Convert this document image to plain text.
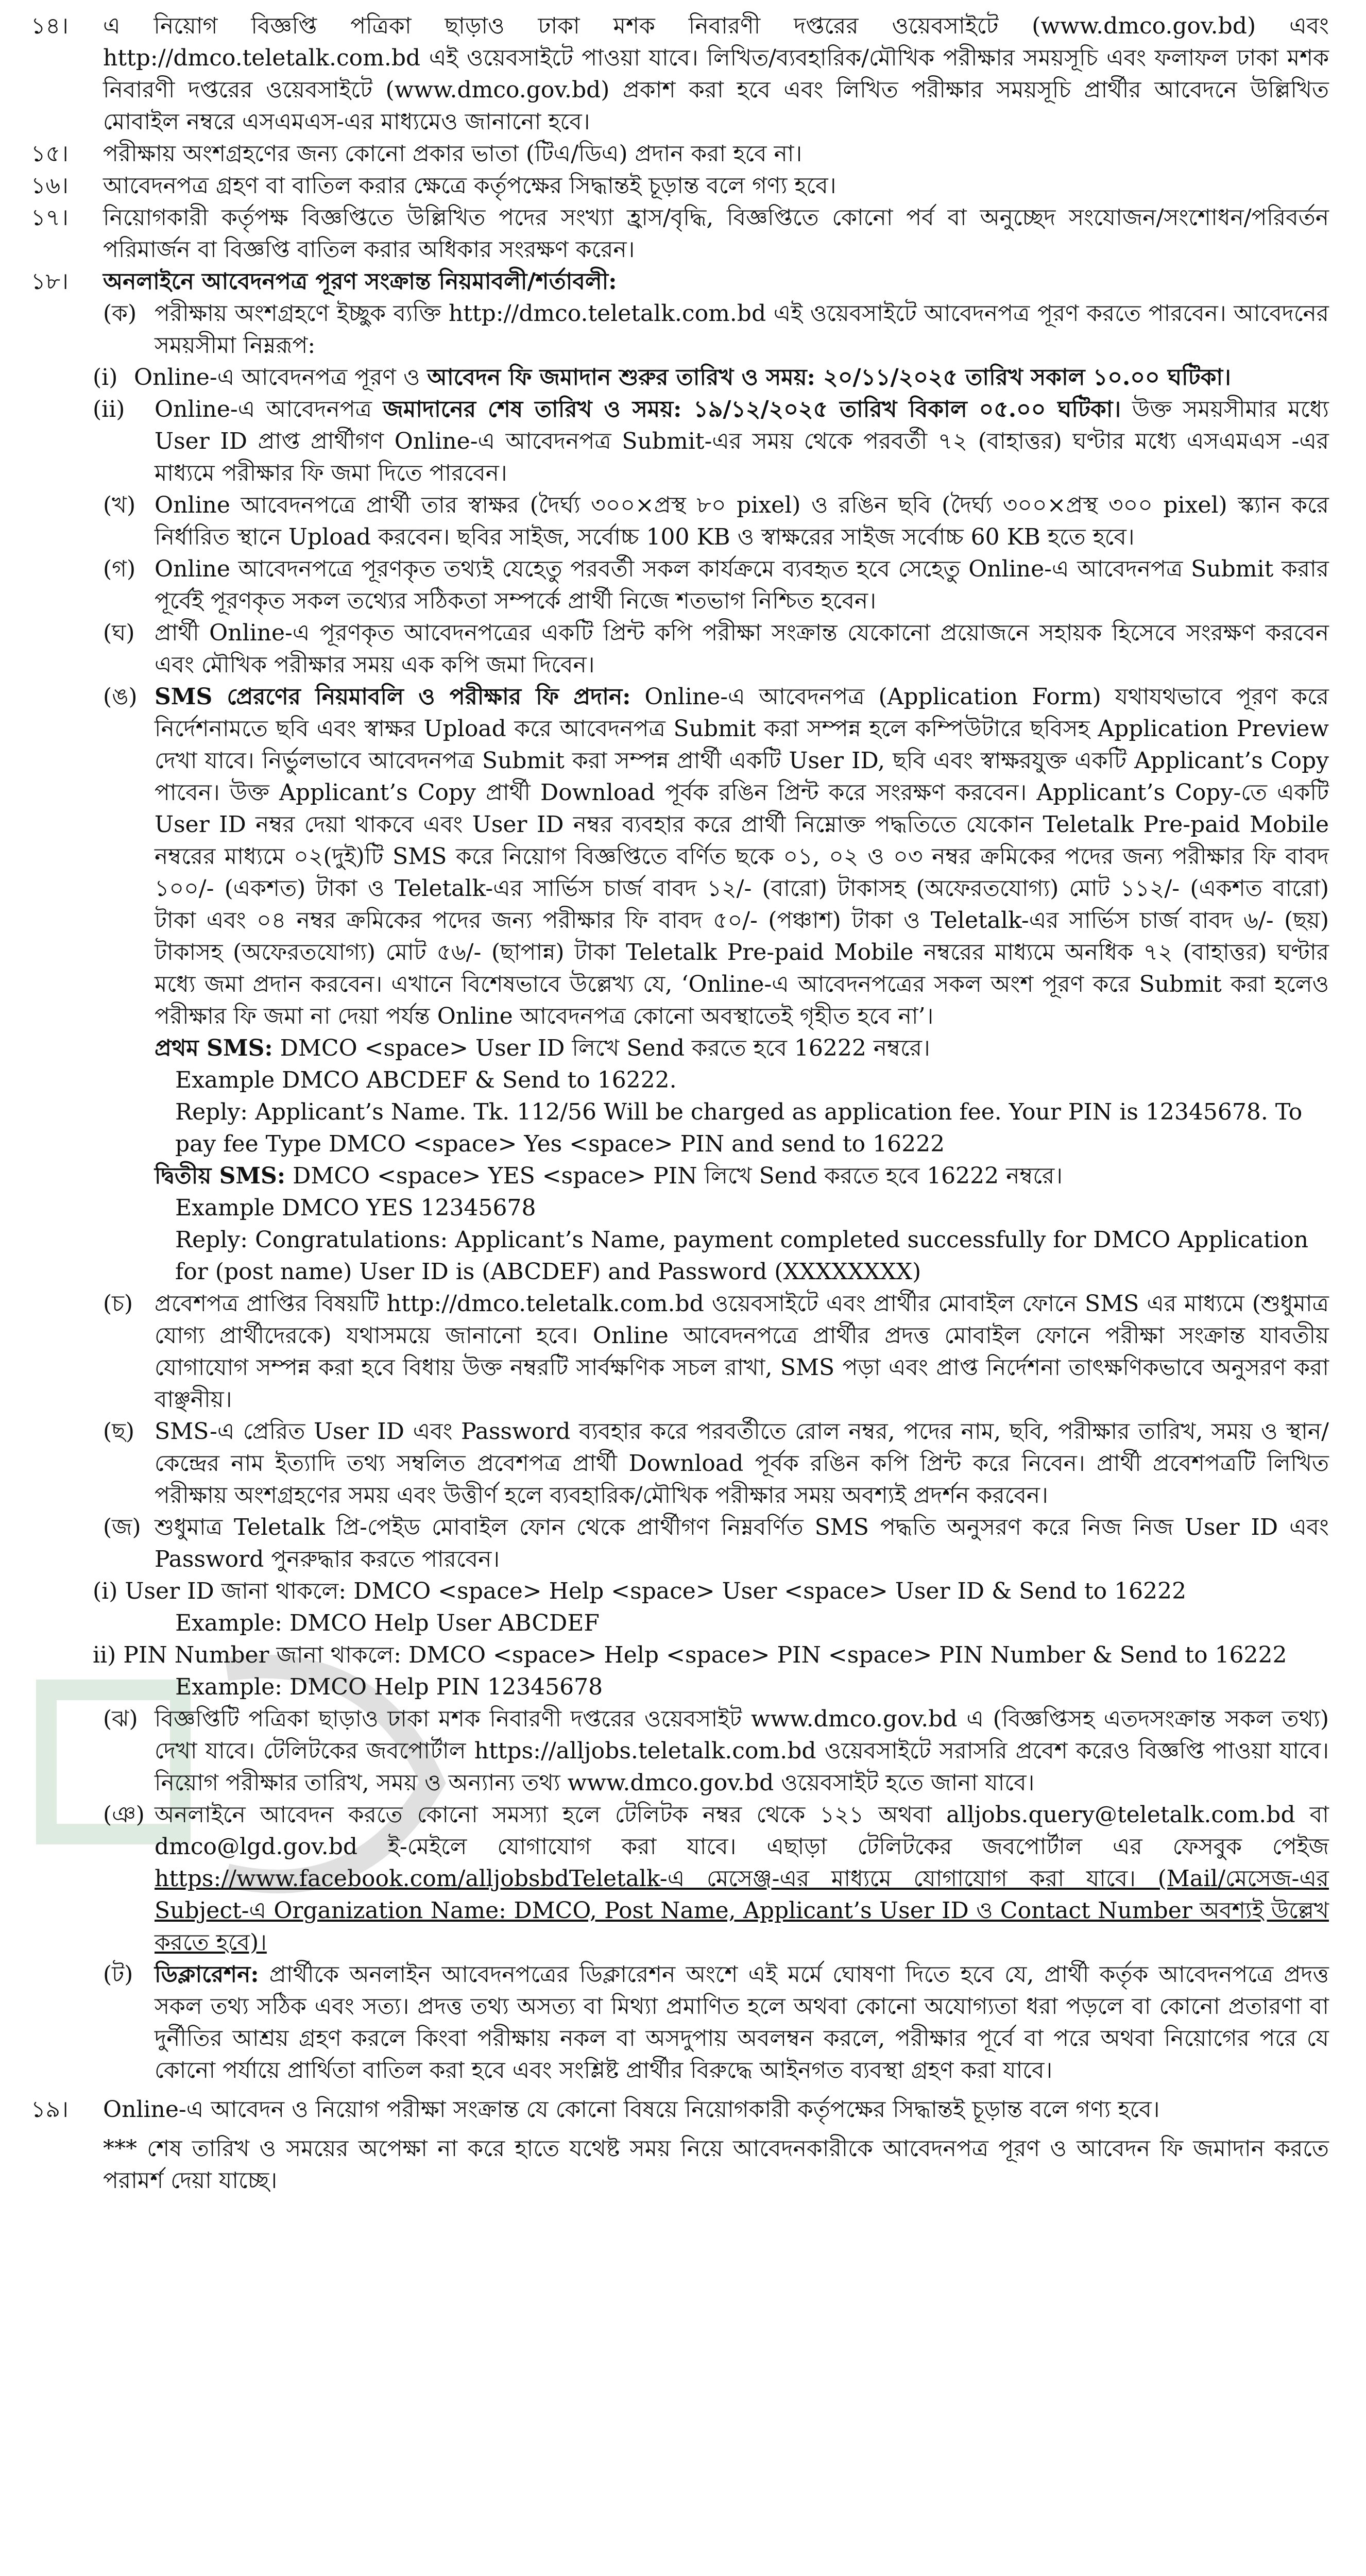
১৪।	এ নিয়োগ বিজ্ঞপ্তি পত্রিকা ছাড়াও ঢাকা মশক নিবারণী দপ্তরের ওয়েবসাইটে (www.dmco.gov.bd) এবং http://dmco.teletalk.com.bd এই ওয়েবসাইটে পাওয়া যাবে। লিখিত/ব্যবহারিক/মৌখিক পরীক্ষার সময়সূচি এবং ফলাফল ঢাকা মশক নিবারণী দপ্তরের ওয়েবসাইটে (www.dmco.gov.bd) প্রকাশ করা হবে এবং লিখিত পরীক্ষার সময়সূচি প্রার্থীর আবেদনে উল্লিখিত মোবাইল নম্বরে এসএমএস-এর মাধ্যমেও জানানো হবে।
১৫।	পরীক্ষায় অংশগ্রহণের জন্য কোনো প্রকার ভাতা (টিএ/ডিএ) প্রদান করা হবে না।
১৬।	আবেদনপত্র গ্রহণ বা বাতিল করার ক্ষেত্রে কর্তৃপক্ষের সিদ্ধান্তই চূড়ান্ত বলে গণ্য হবে।
১৭।	নিয়োগকারী কর্তৃপক্ষ বিজ্ঞপ্তিতে উল্লিখিত পদের সংখ্যা হ্রাস/বৃদ্ধি, বিজ্ঞপ্তিতে কোনো পর্ব বা অনুচ্ছেদ সংযোজন/সংশোধন/পরিবর্তন পরিমার্জন বা বিজ্ঞপ্তি বাতিল করার অধিকার সংরক্ষণ করেন।
১৮।	অনলাইনে আবেদনপত্র পূরণ সংক্রান্ত নিয়মাবলী/শর্তাবলী:
(ক) পরীক্ষায় অংশগ্রহণে ইচ্ছুক ব্যক্তি http://dmco.teletalk.com.bd এই ওয়েবসাইটে আবেদনপত্র পূরণ করতে পারবেন। আবেদনের সময়সীমা নিম্নরূপ:
(i) Online-এ আবেদনপত্র পূরণ ও আবেদন ফি জমাদান শুরুর তারিখ ও সময়: ২০/১১/২০২৫ তারিখ সকাল ১০.০০ ঘটিকা।
(ii)	Online-এ আবেদনপত্র জমাদানের শেষ তারিখ ও সময়: ১৯/১২/২০২৫ তারিখ বিকাল ০৫.০০ ঘটিকা। উক্ত সময়সীমার মধ্যে User ID প্রাপ্ত প্রার্থীগণ Online-এ আবেদনপত্র Submit-এর সময় থেকে পরবর্তী ৭২ (বাহাত্তর) ঘণ্টার মধ্যে এসএমএস -এর মাধ্যমে পরীক্ষার ফি জমা দিতে পারবেন।
(খ) Online আবেদনপত্রে প্রার্থী তার স্বাক্ষর (দৈর্ঘ্য ৩০০×প্রস্থ ৮০ pixel) ও রঙিন ছবি (দৈর্ঘ্য ৩০০×প্রস্থ ৩০০ pixel) স্ক্যান করে নির্ধারিত স্থানে Upload করবেন। ছবির সাইজ, সর্বোচ্চ 100 KB ও স্বাক্ষরের সাইজ সর্বোচ্চ 60 KB হতে হবে।
(গ) Online আবেদনপত্রে পূরণকৃত তথ্যই যেহেতু পরবর্তী সকল কার্যক্রমে ব্যবহৃত হবে সেহেতু Online-এ আবেদনপত্র Submit করার পূর্বেই পূরণকৃত সকল তথ্যের সঠিকতা সম্পর্কে প্রার্থী নিজে শতভাগ নিশ্চিত হবেন।
(ঘ) প্রার্থী Online-এ পূরণকৃত আবেদনপত্রের একটি প্রিন্ট কপি পরীক্ষা সংক্রান্ত যেকোনো প্রয়োজনে সহায়ক হিসেবে সংরক্ষণ করবেন এবং মৌখিক পরীক্ষার সময় এক কপি জমা দিবেন।
(ঙ) SMS প্রেরণের নিয়মাবলি ও পরীক্ষার ফি প্রদান: Online-এ আবেদনপত্র (Application Form) যথাযথভাবে পূরণ করে নির্দেশনামতে ছবি এবং স্বাক্ষর Upload করে আবেদনপত্র Submit করা সম্পন্ন হলে কম্পিউটারে ছবিসহ Application Preview দেখা যাবে। নির্ভুলভাবে আবেদনপত্র Submit করা সম্পন্ন প্রার্থী একটি User ID, ছবি এবং স্বাক্ষরযুক্ত একটি Applicant’s Copy পাবেন। উক্ত Applicant’s Copy প্রার্থী Download পূর্বক রঙিন প্রিন্ট করে সংরক্ষণ করবেন। Applicant’s Copy-তে একটি User ID নম্বর দেয়া থাকবে এবং User ID নম্বর ব্যবহার করে প্রার্থী নিম্নোক্ত পদ্ধতিতে যেকোন Teletalk Pre-paid Mobile নম্বরের মাধ্যমে ০২(দুই)টি SMS করে নিয়োগ বিজ্ঞপ্তিতে বর্ণিত ছকে ০১, ০২ ও ০৩ নম্বর ক্রমিকের পদের জন্য পরীক্ষার ফি বাবদ ১০০/- (একশত) টাকা ও Teletalk-এর সার্ভিস চার্জ বাবদ ১২/- (বারো) টাকাসহ (অফেরতযোগ্য) মোট ১১২/- (একশত বারো) টাকা এবং ০৪ নম্বর ক্রমিকের পদের জন্য পরীক্ষার ফি বাবদ ৫০/- (পঞ্চাশ) টাকা ও Teletalk-এর সার্ভিস চার্জ বাবদ ৬/- (ছয়) টাকাসহ (অফেরতযোগ্য) মোট ৫৬/- (ছাপান্ন) টাকা Teletalk Pre-paid Mobile নম্বরের মাধ্যমে অনধিক ৭২ (বাহাত্তর) ঘণ্টার মধ্যে জমা প্রদান করবেন। এখানে বিশেষভাবে উল্লেখ্য যে, ‘Online-এ আবেদনপত্রের সকল অংশ পূরণ করে Submit করা হলেও পরীক্ষার ফি জমা না দেয়া পর্যন্ত Online আবেদনপত্র কোনো অবস্থাতেই গৃহীত হবে না’।
প্রথম SMS: DMCO <space> User ID লিখে Send করতে হবে 16222 নম্বরে।
Example DMCO ABCDEF & Send to 16222.
Reply: Applicant’s Name. Tk. 112/56 Will be charged as application fee. Your PIN is 12345678. To pay fee Type DMCO <space> Yes <space> PIN and send to 16222
দ্বিতীয় SMS: DMCO <space> YES <space> PIN লিখে Send করতে হবে 16222 নম্বরে।
Example DMCO YES 12345678
Reply: Congratulations: Applicant’s Name, payment completed successfully for DMCO Application for (post name) User ID is (ABCDEF) and Password (XXXXXXXX)
(চ) প্রবেশপত্র প্রাপ্তির বিষয়টি http://dmco.teletalk.com.bd ওয়েবসাইটে এবং প্রার্থীর মোবাইল ফোনে SMS এর মাধ্যমে (শুধুমাত্র যোগ্য প্রার্থীদেরকে) যথাসময়ে জানানো হবে। Online আবেদনপত্রে প্রার্থীর প্রদত্ত মোবাইল ফোনে পরীক্ষা সংক্রান্ত যাবতীয় যোগাযোগ সম্পন্ন করা হবে বিধায় উক্ত নম্বরটি সার্বক্ষণিক সচল রাখা, SMS পড়া এবং প্রাপ্ত নির্দেশনা তাৎক্ষণিকভাবে অনুসরণ করা বাঞ্ছনীয়।
(ছ) SMS-এ প্রেরিত User ID এবং Password ব্যবহার করে পরবর্তীতে রোল নম্বর, পদের নাম, ছবি, পরীক্ষার তারিখ, সময় ও স্থান/কেন্দ্রের নাম ইত্যাদি তথ্য সম্বলিত প্রবেশপত্র প্রার্থী Download পূর্বক রঙিন কপি প্রিন্ট করে নিবেন। প্রার্থী প্রবেশপত্রটি লিখিত পরীক্ষায় অংশগ্রহণের সময় এবং উত্তীর্ণ হলে ব্যবহারিক/মৌখিক পরীক্ষার সময় অবশ্যই প্রদর্শন করবেন।
(জ) শুধুমাত্র Teletalk প্রি-পেইড মোবাইল ফোন থেকে প্রার্থীগণ নিম্নবর্ণিত SMS পদ্ধতি অনুসরণ করে নিজ নিজ User ID এবং Password পুনরুদ্ধার করতে পারবেন।
(i) User ID জানা থাকলে: DMCO <space> Help <space> User <space> User ID & Send to 16222
Example: DMCO Help User ABCDEF
ii) PIN Number জানা থাকলে: DMCO <space> Help <space> PIN <space> PIN Number & Send to 16222
Example: DMCO Help PIN 12345678
(ঝ) বিজ্ঞপ্তিটি পত্রিকা ছাড়াও ঢাকা মশক নিবারণী দপ্তরের ওয়েবসাইট www.dmco.gov.bd এ (বিজ্ঞপ্তিসহ এতদসংক্রান্ত সকল তথ্য) দেখা যাবে। টেলিটকের জবপোর্টাল https://alljobs.teletalk.com.bd ওয়েবসাইটে সরাসরি প্রবেশ করেও বিজ্ঞপ্তি পাওয়া যাবে। নিয়োগ পরীক্ষার তারিখ, সময় ও অন্যান্য তথ্য www.dmco.gov.bd ওয়েবসাইট হতে জানা যাবে।
(ঞ) অনলাইনে আবেদন করতে কোনো সমস্যা হলে টেলিটক নম্বর থেকে ১২১ অথবা alljobs.query@teletalk.com.bd বা dmco@lgd.gov.bd ই-মেইলে যোগাযোগ করা যাবে। এছাড়া টেলিটকের জবপোর্টাল এর ফেসবুক পেইজ https://www.facebook.com/alljobsbdTeletalk-এ মেসেঞ্জ-এর মাধ্যমে যোগাযোগ করা যাবে। (Mail/মেসেজ-এর Subject-এ Organization Name: DMCO, Post Name, Applicant’s User ID ও Contact Number অবশ্যই উল্লেখ করতে হবে)।
(ট) ডিক্লারেশন: প্রার্থীকে অনলাইন আবেদনপত্রের ডিক্লারেশন অংশে এই মর্মে ঘোষণা দিতে হবে যে, প্রার্থী কর্তৃক আবেদনপত্রে প্রদত্ত সকল তথ্য সঠিক এবং সত্য। প্রদত্ত তথ্য অসত্য বা মিথ্যা প্রমাণিত হলে অথবা কোনো অযোগ্যতা ধরা পড়লে বা কোনো প্রতারণা বা দুর্নীতির আশ্রয় গ্রহণ করলে কিংবা পরীক্ষায় নকল বা অসদুপায় অবলম্বন করলে, পরীক্ষার পূর্বে বা পরে অথবা নিয়োগের পরে যে কোনো পর্যায়ে প্রার্থিতা বাতিল করা হবে এবং সংশ্লিষ্ট প্রার্থীর বিরুদ্ধে আইনগত ব্যবস্থা গ্রহণ করা যাবে।
১৯।	Online-এ আবেদন ও নিয়োগ পরীক্ষা সংক্রান্ত যে কোনো বিষয়ে নিয়োগকারী কর্তৃপক্ষের সিদ্ধান্তই চূড়ান্ত বলে গণ্য হবে।
*** শেষ তারিখ ও সময়ের অপেক্ষা না করে হাতে যথেষ্ট সময় নিয়ে আবেদনকারীকে আবেদনপত্র পূরণ ও আবেদন ফি জমাদান করতে পরামর্শ দেয়া যাচ্ছে।
